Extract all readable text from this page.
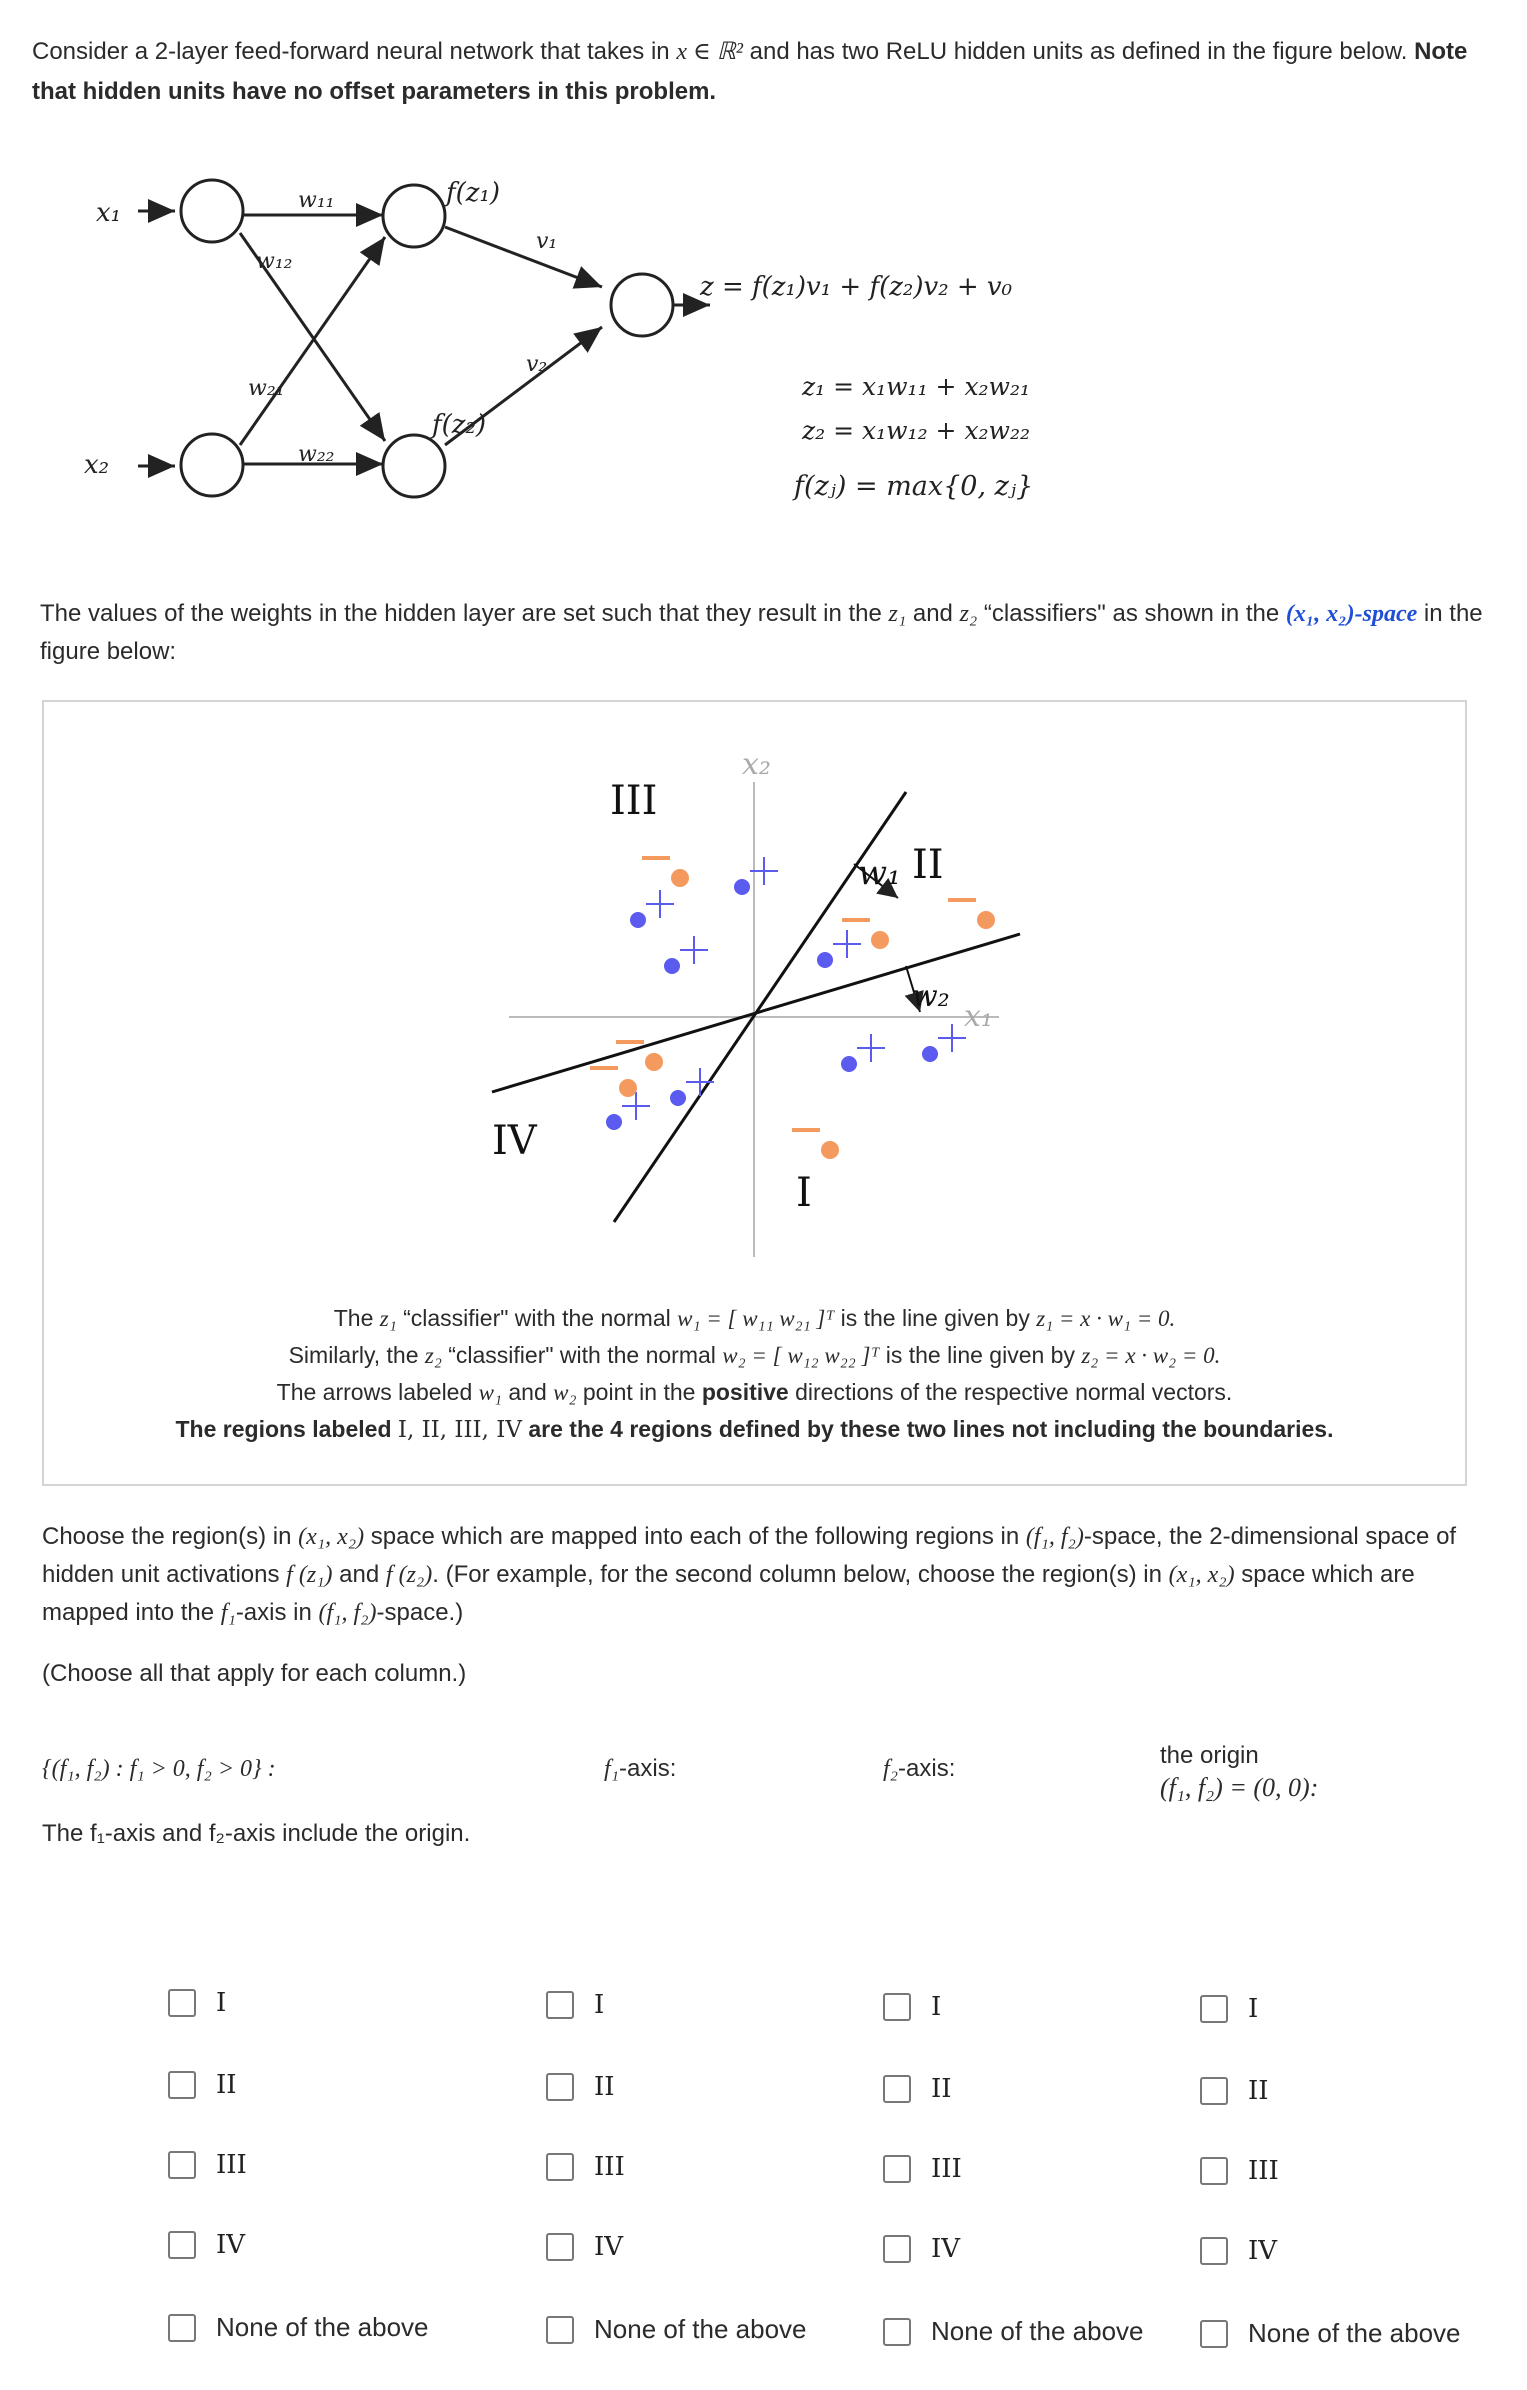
Consider a 2-layer feed-forward neural network that takes in x ∈ ℝ² and has two ReLU hidden units as defined in the figure below. Note that hidden units have no offset parameters in this problem.
x₁
x₂
w₁₁
w₁₂
w₂₁
w₂₂
f(z₁)
f(z₂)
v₁
v₂
z = f(z₁)v₁ + f(z₂)v₂ + v₀
z₁ = x₁w₁₁ + x₂w₂₁
z₂ = x₁w₁₂ + x₂w₂₂
f(zⱼ) = max{0, zⱼ}
The values of the weights in the hidden layer are set such that they result in the z₁ and z₂ “classifiers" as shown in the (x₁, x₂)-space in the figure below:
x₂
x₁
III
II
IV
I
w₁
w₂
The z₁ “classifier" with the normal w₁ = [ w₁₁ w₂₁ ]ᵀ is the line given by z₁ = x · w₁ = 0.
Similarly, the z₂ “classifier" with the normal w₂ = [ w₁₂ w₂₂ ]ᵀ is the line given by z₂ = x · w₂ = 0.
The arrows labeled w₁ and w₂ point in the positive directions of the respective normal vectors.
The regions labeled I, II, III, IV are the 4 regions defined by these two lines not including the boundaries.
Choose the region(s) in (x₁, x₂) space which are mapped into each of the following regions in (f₁, f₂)-space, the 2-dimensional space of hidden unit activations f (z₁) and f (z₂). (For example, for the second column below, choose the region(s) in (x₁, x₂) space which are mapped into the f₁-axis in (f₁, f₂)-space.)
(Choose all that apply for each column.)
{(f₁, f₂) : f₁ > 0, f₂ > 0} :
The f₁-axis and f₂-axis include the origin.
f₁-axis:	f₂-axis:	the origin
(f₁, f₂) = (0, 0):
I
II
III
IV
None of the above
I
II
III
IV
None of the above
I
II
III
IV
None of the above
I
II
III
IV
None of the above
